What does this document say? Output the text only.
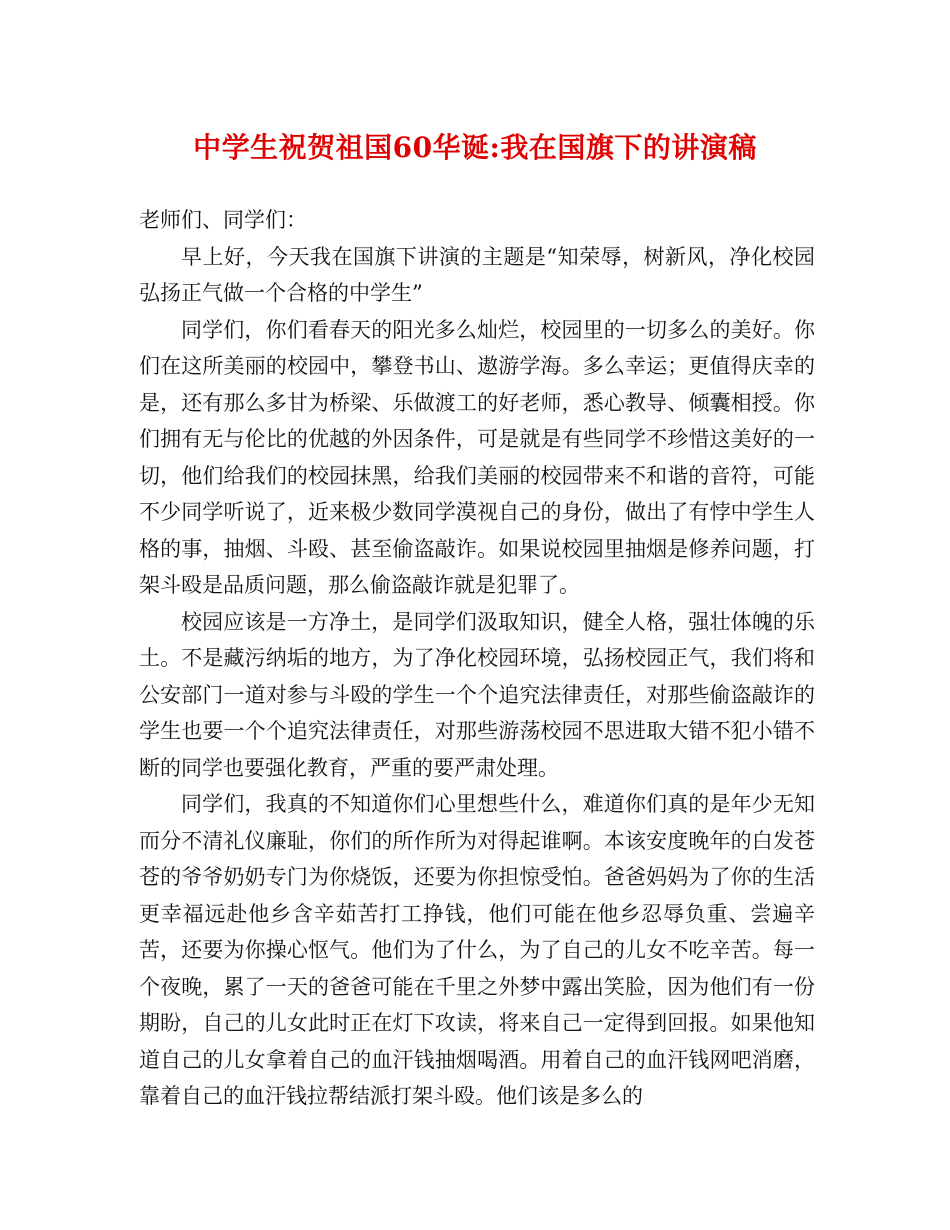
中学生祝贺祖国60华诞:我在国旗下的讲演稿

老师们、同学们：

早上好，今天我在国旗下讲演的主题是“知荣辱，树新风，净化校园弘扬正气做一个合格的中学生”

同学们，你们看春天的阳光多么灿烂，校园里的一切多么的美好。你们在这所美丽的校园中，攀登书山、遨游学海。多么幸运；更值得庆幸的是，还有那么多甘为桥梁、乐做渡工的好老师，悉心教导、倾囊相授。你们拥有无与伦比的优越的外因条件，可是就是有些同学不珍惜这美好的一切，他们给我们的校园抹黑，给我们美丽的校园带来不和谐的音符，可能不少同学听说了，近来极少数同学漠视自己的身份，做出了有悖中学生人格的事，抽烟、斗殴、甚至偷盗敲诈。如果说校园里抽烟是修养问题，打架斗殴是品质问题，那么偷盗敲诈就是犯罪了。

校园应该是一方净土，是同学们汲取知识，健全人格，强壮体魄的乐土。不是藏污纳垢的地方，为了净化校园环境，弘扬校园正气，我们将和公安部门一道对参与斗殴的学生一个个追究法律责任，对那些偷盗敲诈的学生也要一个个追究法律责任，对那些游荡校园不思进取大错不犯小错不断的同学也要强化教育，严重的要严肃处理。

同学们，我真的不知道你们心里想些什么，难道你们真的是年少无知而分不清礼仪廉耻，你们的所作所为对得起谁啊。本该安度晚年的白发苍苍的爷爷奶奶专门为你烧饭，还要为你担惊受怕。爸爸妈妈为了你的生活更幸福远赴他乡含辛茹苦打工挣钱，他们可能在他乡忍辱负重、尝遍辛苦，还要为你操心怄气。他们为了什么，为了自己的儿女不吃辛苦。每一个夜晚，累了一天的爸爸可能在千里之外梦中露出笑脸，因为他们有一份期盼，自己的儿女此时正在灯下攻读，将来自己一定得到回报。如果他知道自己的儿女拿着自己的血汗钱抽烟喝酒。用着自己的血汗钱网吧消磨，靠着自己的血汗钱拉帮结派打架斗殴。他们该是多么的
